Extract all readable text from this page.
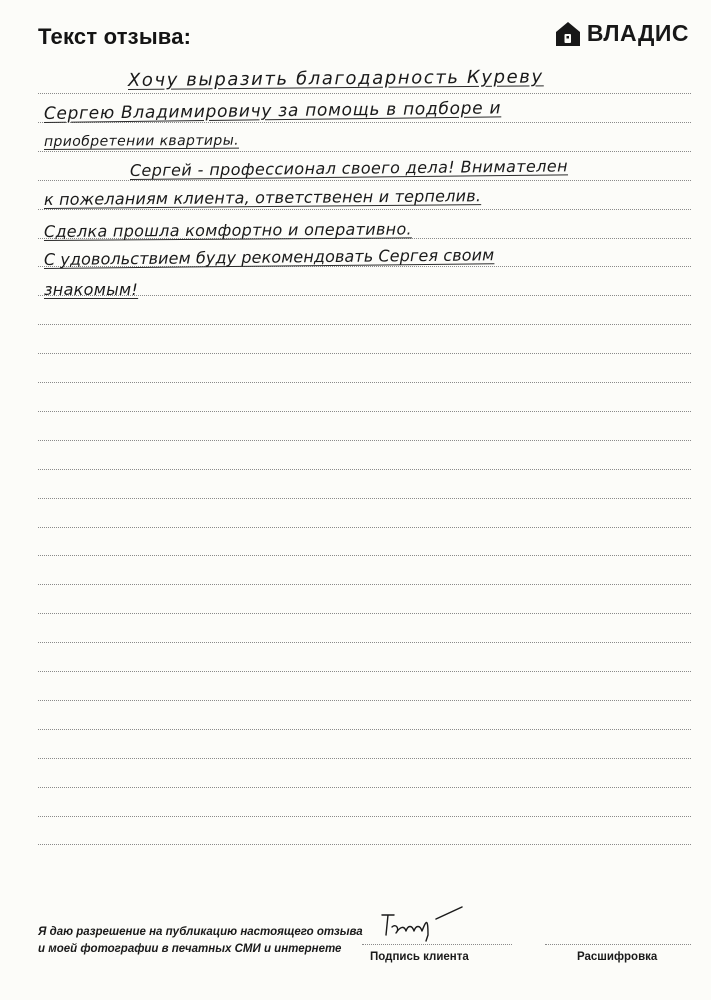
Текст отзыва:	ВЛАДИС
Хочу выразить благодарность Куреву
Сергею Владимировичу за помощь в подборе и
приобретении квартиры.
Сергей - профессионал своего дела! Внимателен
к пожеланиям клиента, ответственен и терпелив.
Сделка прошла комфортно и оперативно.
С удовольствием буду рекомендовать Сергея своим
знакомым!
Я даю разрешение на публикацию настоящего отзыва
и моей фотографии в печатных СМИ и интернете
Подпись клиента	Расшифровка
